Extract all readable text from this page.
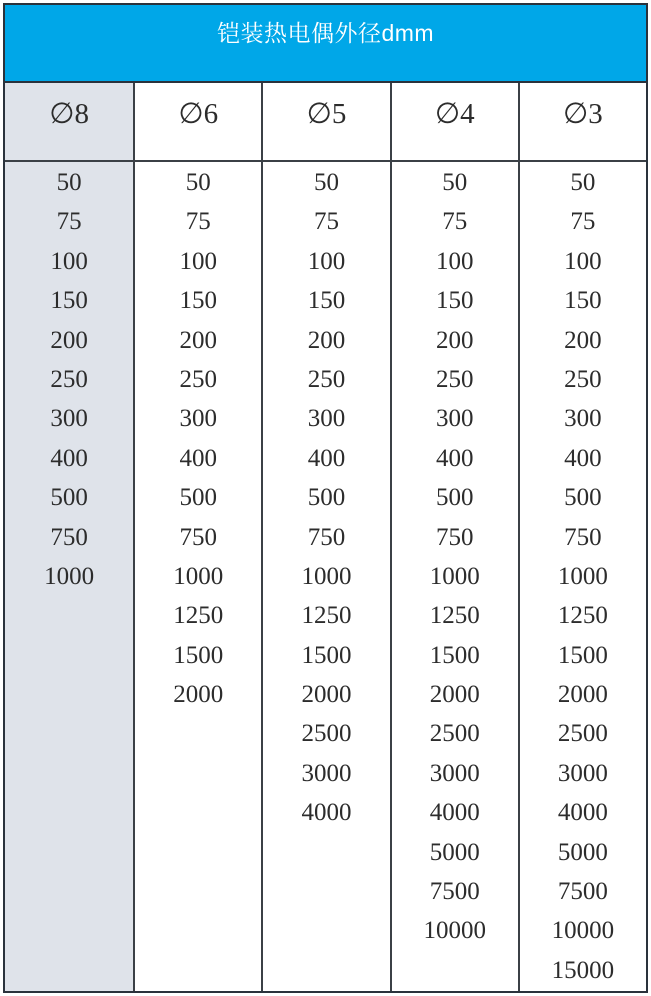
铠装热电偶外径dmm
∅8
50
75
100
150
200
250
300
400
500
750
1000
∅6
50
75
100
150
200
250
300
400
500
750
1000
1250
1500
2000
∅5
50
75
100
150
200
250
300
400
500
750
1000
1250
1500
2000
2500
3000
4000
∅4
50
75
100
150
200
250
300
400
500
750
1000
1250
1500
2000
2500
3000
4000
5000
7500
10000
∅3
50
75
100
150
200
250
300
400
500
750
1000
1250
1500
2000
2500
3000
4000
5000
7500
10000
15000
